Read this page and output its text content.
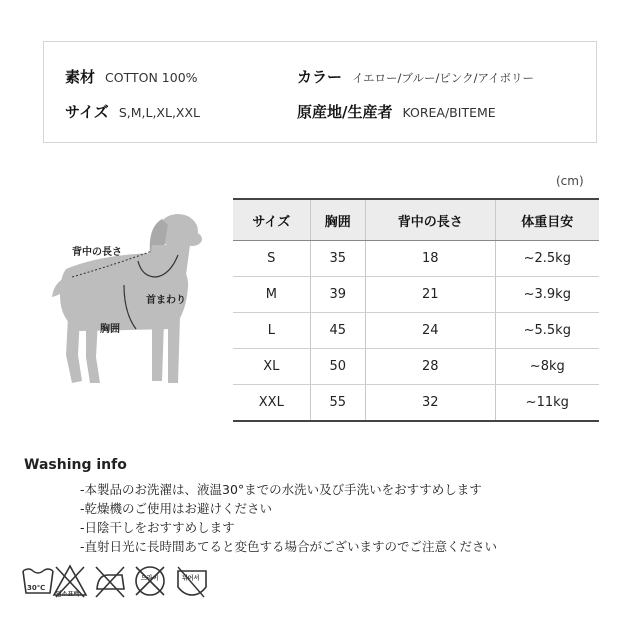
素材 COTTON 100%	カラー イエロー/ブルー/ピンク/アイボリー
サイズ S,M,L,XL,XXL	原産地/生産者 KOREA/BITEME
(cm)
背中の長さ
首まわり
胸囲
サイズ	胸囲	背中の長さ	体重目安
S	35	18	~2.5kg
M	39	21	~3.9kg
L	45	24	~5.5kg
XL	50	28	~8kg
XXL	55	32	~11kg
Washing info
-本製品のお洗濯は、液温30°までの水洗い及び手洗いをおすすめします
-乾燥機のご使用はお避けください
-日陰干しをおすすめします
-直射日光に長時間あてると変色する場合がございますのでご注意ください
30℃
염소표백
드라이	뉘어서
